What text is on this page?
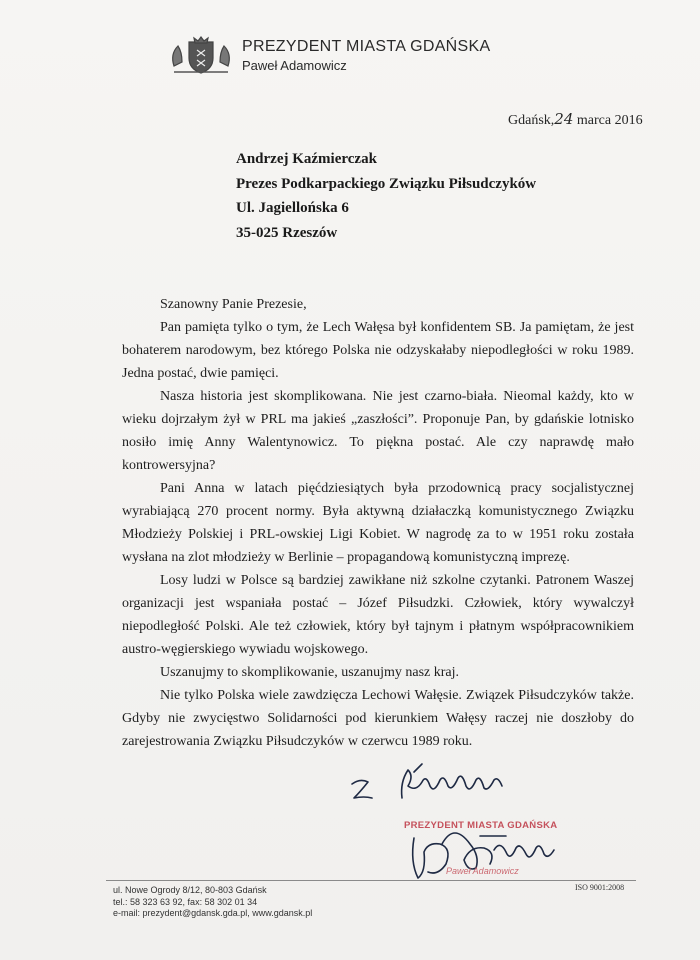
PREZYDENT MIASTA GDAŃSKA
Paweł Adamowicz
Gdańsk,24 marca 2016
Andrzej Kaźmierczak
Prezes Podkarpackiego Związku Piłsudczyków
Ul. Jagiellońska 6
35-025 Rzeszów

Szanowny Panie Prezesie,

Pan pamięta tylko o tym, że Lech Wałęsa był konfidentem SB. Ja pamiętam, że jest bohaterem narodowym, bez którego Polska nie odzyskałaby niepodległości w roku 1989. Jedna postać, dwie pamięci.

Nasza historia jest skomplikowana. Nie jest czarno-biała. Nieomal każdy, kto w wieku dojrzałym żył w PRL ma jakieś „zaszłości”. Proponuje Pan, by gdańskie lotnisko nosiło imię Anny Walentynowicz. To piękna postać. Ale czy naprawdę mało kontrowersyjna?

Pani Anna w latach pięćdziesiątych była przodownicą pracy socjalistycznej wyrabiającą 270 procent normy. Była aktywną działaczką komunistycznego Związku Młodzieży Polskiej i PRL-owskiej Ligi Kobiet. W nagrodę za to w 1951 roku została wysłana na zlot młodzieży w Berlinie – propagandową komunistyczną imprezę.

Losy ludzi w Polsce są bardziej zawikłane niż szkolne czytanki. Patronem Waszej organizacji jest wspaniała postać – Józef Piłsudzki. Człowiek, który wywalczył niepodległość Polski. Ale też człowiek, który był tajnym i płatnym współpracownikiem austro-węgierskiego wywiadu wojskowego.

Uszanujmy to skomplikowanie, uszanujmy nasz kraj.

Nie tylko Polska wiele zawdzięcza Lechowi Wałęsie. Związek Piłsudczyków także. Gdyby nie zwycięstwo Solidarności pod kierunkiem Wałęsy raczej nie doszłoby do zarejestrowania Związku Piłsudczyków w czerwcu 1989 roku.

PREZYDENT MIASTA GDAŃSKA
Paweł Adamowicz
ul. Nowe Ogrody 8/12, 80-803 Gdańsk
tel.: 58 323 63 92, fax: 58 302 01 34
e-mail: prezydent@gdansk.gda.pl, www.gdansk.pl
ISO 9001:2008
